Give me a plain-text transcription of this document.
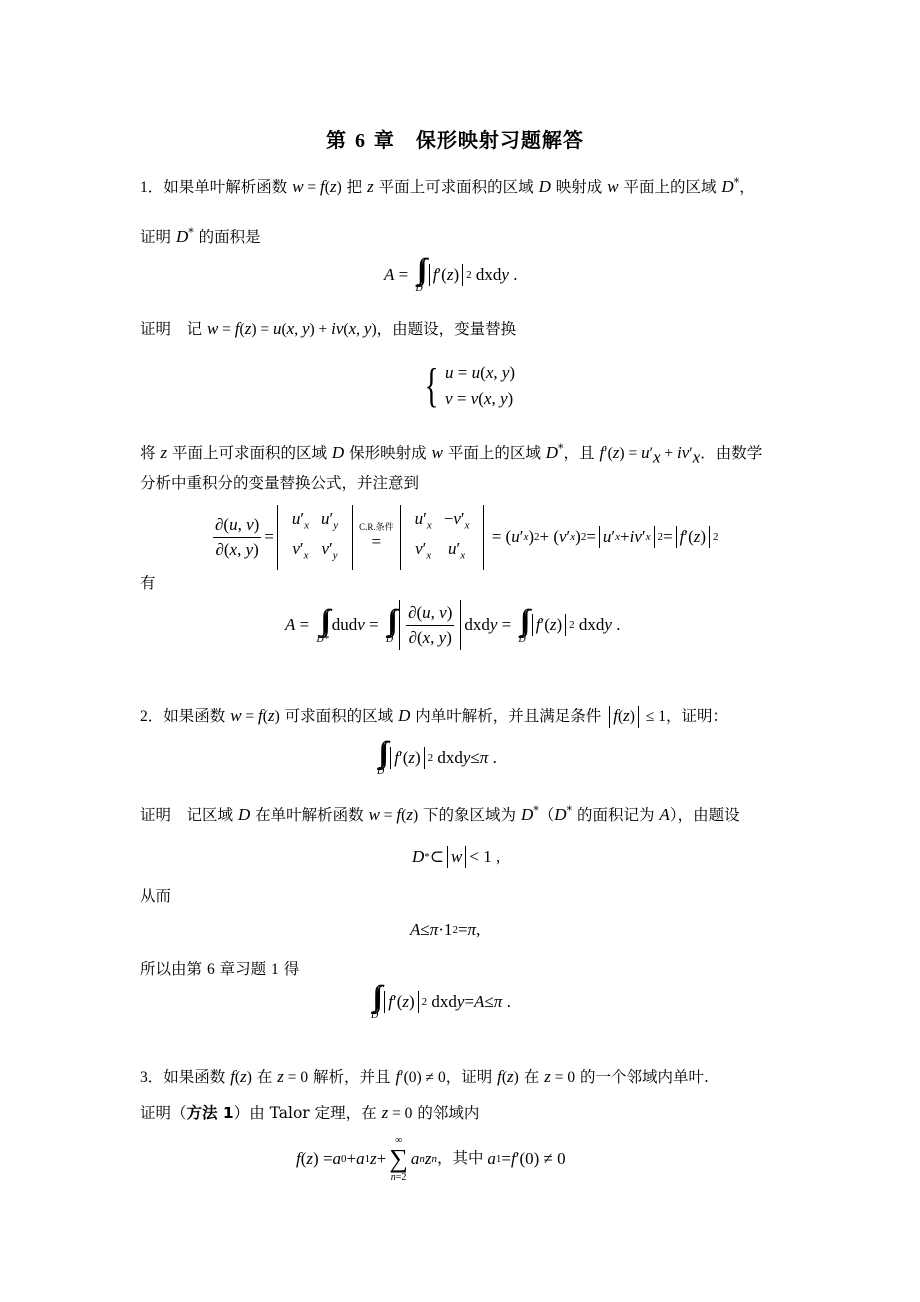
第 6 章　保形映射习题解答
1．如果单叶解析函数 w = f(z) 把 z 平面上可求面积的区域 D 映射成 w 平面上的区域 D*，
证明 D* 的面积是
A = ∫∫
D
f ′( z ) 2 dxd y .
证明　记 w = f(z) = u(x, y) + iv(x, y)，由题设，变量替换
{ u = u(x, y)
v = v(x, y)
将 z 平面上可求面积的区域 D 保形映射成 w 平面上的区域 D*，且 $f'(z) = u'_x + iv'_x$．由数学
分析中重积分的变量替换公式，并注意到
$\frac{\partial(u, v)}{\partial(x, y)}$ =
$u'_x$
$v'_x$
$u'_y$
$v'_y$
C.R.条件
=
$u'_x$
$v'_x$
$-v'_x$
$u'_x$
= ( u ′ x ) 2 + ( v ′ x ) 2 = u ′ x + iv ′ x 2 = f ′( z ) 2
有
A = ∫∫
D*
dud v = ∫∫
D $\frac{\partial(u, v)}{\partial(x, y)}$ dxd y = ∫∫
D
f ′( z ) 2 dxd y .
2．如果函数 w = f(z) 可求面积的区域 D 内单叶解析，并且满足条件 f(z) ≤ 1，证明：
∫∫
D
f ′( z ) 2 dxd y ≤ π .
证明　记区域 D 在单叶解析函数 w = f(z) 下的象区域为 D*（D* 的面积记为 A），由题设
D * ⊂ w < 1 ,
从而
A ≤ π ·1 2 = π ,
所以由第 6 章习题 1 得
∫∫
D
f ′( z ) 2 dxd y = A ≤ π .
3．如果函数 f(z) 在 z = 0 解析，并且 f′(0) ≠ 0，证明 f(z) 在 z = 0 的一个邻域内单叶.
证明（方法 1）由 Talor 定理，在 z = 0 的邻域内
f ( z ) = a 0 + a 1 z +
∞
∑
n=2
a n z n ，其中 a 1 = f ′(0) ≠ 0
